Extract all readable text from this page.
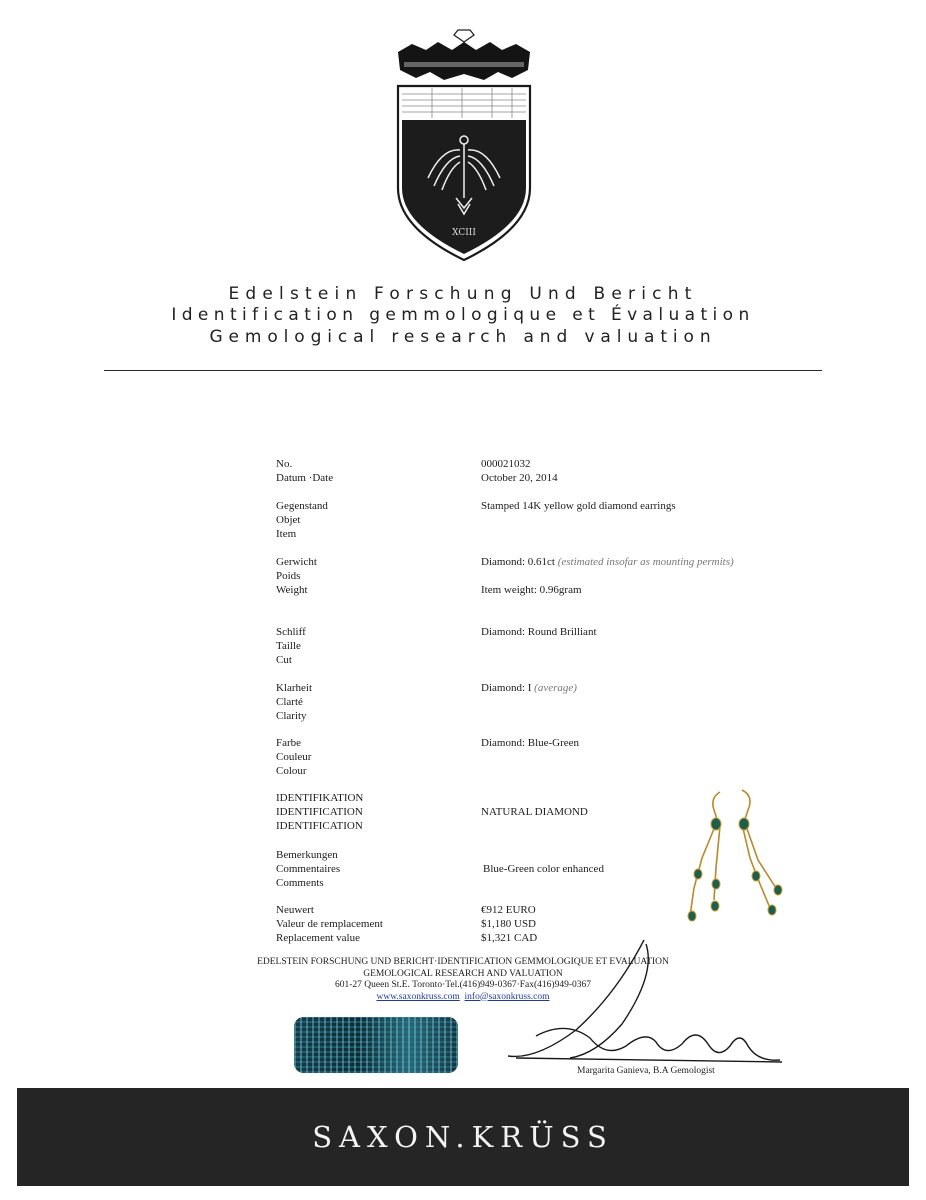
XCIII
Edelstein Forschung Und Bericht
Identification gemmologique et Évaluation
Gemological research and valuation
No.
Datum ·Date
000021032
October 20, 2014
Gegenstand
Objet
Item
Stamped 14K yellow gold diamond earrings
Gerwicht
Poids
Weight
Diamond: 0.61ct (estimated insofar as mounting permits)
Item weight: 0.96gram
Schliff
Taille
Cut
Diamond: Round Brilliant
Klarheit
Clarté
Clarity
Diamond: I (average)
Farbe
Couleur
Colour
Diamond: Blue-Green
IDENTIFIKATION
IDENTIFICATION
IDENTIFICATION
NATURAL DIAMOND
Bemerkungen
Commentaires
Comments
Blue-Green color enhanced
Neuwert
Valeur de remplacement
Replacement value
€912 EURO
$1,180 USD
$1,321 CAD
EDELSTEIN FORSCHUNG UND BERICHT·IDENTIFICATION GEMMOLOGIQUE ET EVALUATION
GEMOLOGICAL RESEARCH AND VALUATION
601-27 Queen St.E. Toronto·Tel.(416)949-0367·Fax(416)949-0367
www.saxonkruss.com info@saxonkruss.com
Margarita Ganieva, B.A Gemologist
SAXON.KRÜSS
